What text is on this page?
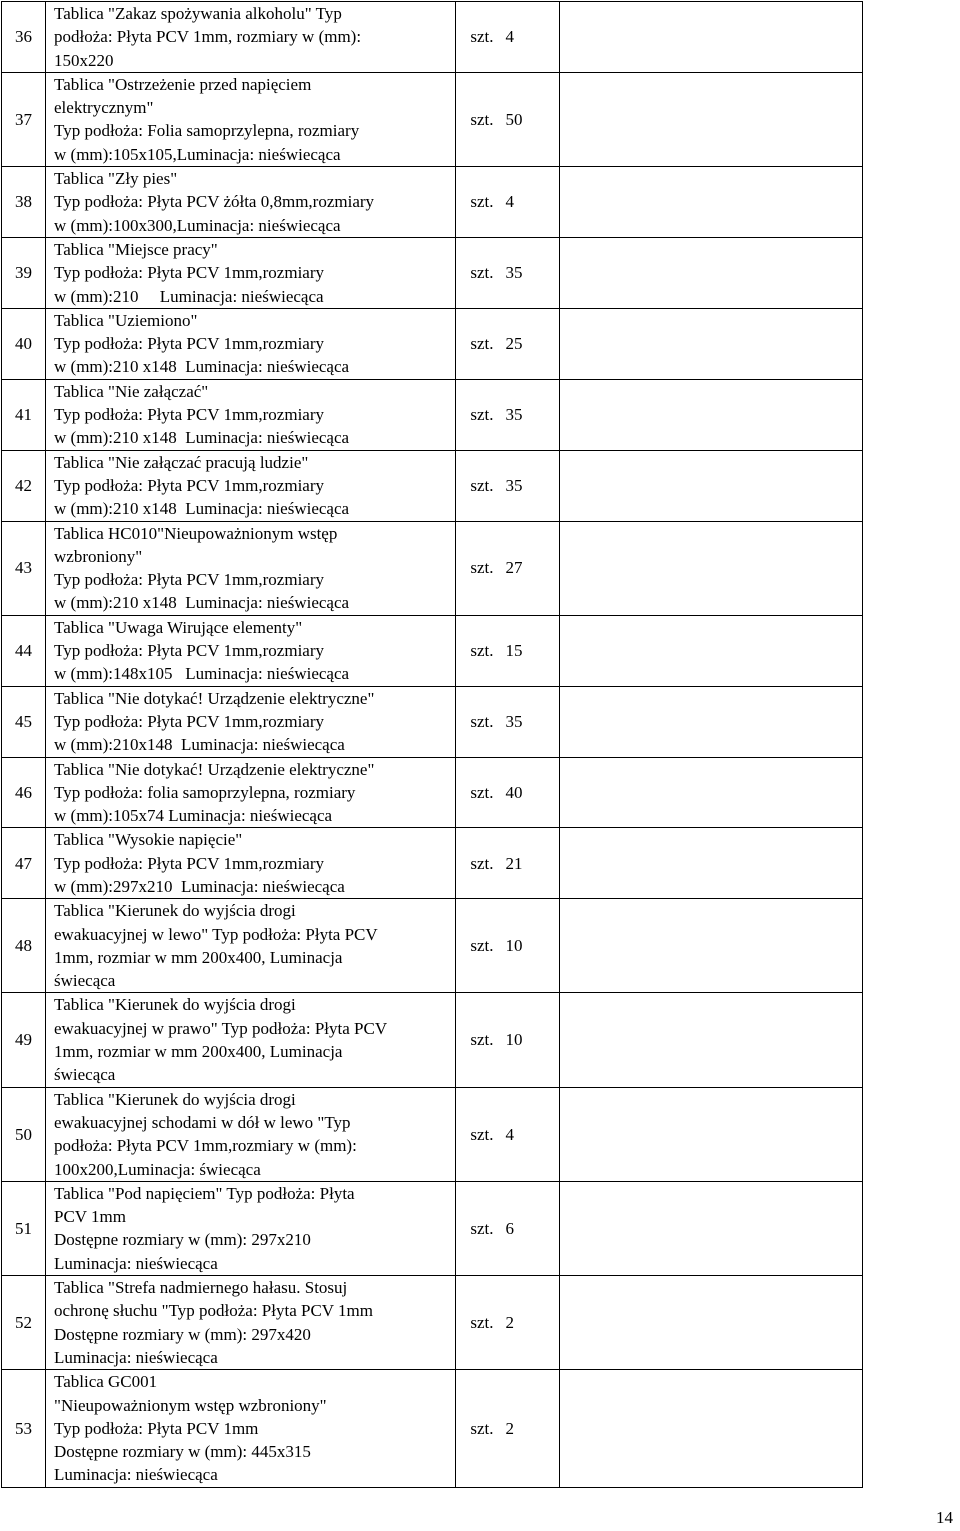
36	Tablica "Zakaz spożywania alkoholu" Typ
podłoża: Płyta PCV 1mm, rozmiary w (mm):
150x220	szt.	4	
37	Tablica "Ostrzeżenie przed napięciem
elektrycznym"
Typ podłoża: Folia samoprzylepna, rozmiary
w (mm):105x105,Luminacja: nieświecąca	szt.	50	
38	Tablica "Zły pies"
Typ podłoża: Płyta PCV żółta 0,8mm,rozmiary
w (mm):100x300,Luminacja: nieświecąca	szt.	4	
39	Tablica "Miejsce pracy"
Typ podłoża: Płyta PCV 1mm,rozmiary
w (mm):210     Luminacja: nieświecąca	szt.	35	
40	Tablica "Uziemiono"
Typ podłoża: Płyta PCV 1mm,rozmiary
w (mm):210 x148  Luminacja: nieświecąca	szt.	25	
41	Tablica "Nie załączać"
Typ podłoża: Płyta PCV 1mm,rozmiary
w (mm):210 x148  Luminacja: nieświecąca	szt.	35	
42	Tablica "Nie załączać pracują ludzie"
Typ podłoża: Płyta PCV 1mm,rozmiary
w (mm):210 x148  Luminacja: nieświecąca	szt.	35	
43	Tablica HC010"Nieupoważnionym wstęp
wzbroniony"
Typ podłoża: Płyta PCV 1mm,rozmiary
w (mm):210 x148  Luminacja: nieświecąca	szt.	27	
44	Tablica "Uwaga Wirujące elementy"
Typ podłoża: Płyta PCV 1mm,rozmiary
w (mm):148x105   Luminacja: nieświecąca	szt.	15	
45	Tablica "Nie dotykać! Urządzenie elektryczne"
Typ podłoża: Płyta PCV 1mm,rozmiary
w (mm):210x148  Luminacja: nieświecąca	szt.	35	
46	Tablica "Nie dotykać! Urządzenie elektryczne"
Typ podłoża: folia samoprzylepna, rozmiary
w (mm):105x74 Luminacja: nieświecąca	szt.	40	
47	Tablica "Wysokie napięcie"
Typ podłoża: Płyta PCV 1mm,rozmiary
w (mm):297x210  Luminacja: nieświecąca	szt.	21	
48	Tablica "Kierunek do wyjścia drogi
ewakuacyjnej w lewo" Typ podłoża: Płyta PCV
1mm, rozmiar w mm 200x400, Luminacja
świecąca	szt.	10	
49	Tablica "Kierunek do wyjścia drogi
ewakuacyjnej w prawo" Typ podłoża: Płyta PCV
1mm, rozmiar w mm 200x400, Luminacja
świecąca	szt.	10	
50	Tablica "Kierunek do wyjścia drogi
ewakuacyjnej schodami w dół w lewo "Typ
podłoża: Płyta PCV 1mm,rozmiary w (mm):
100x200,Luminacja: świecąca	szt.	4	
51	Tablica "Pod napięciem" Typ podłoża: Płyta
PCV 1mm
Dostępne rozmiary w (mm): 297x210
Luminacja: nieświecąca	szt.	6	
52	Tablica "Strefa nadmiernego hałasu. Stosuj
ochronę słuchu "Typ podłoża: Płyta PCV 1mm
Dostępne rozmiary w (mm): 297x420
Luminacja: nieświecąca	szt.	2	
53	Tablica GC001
"Nieupoważnionym wstęp wzbroniony"
Typ podłoża: Płyta PCV 1mm
Dostępne rozmiary w (mm): 445x315
Luminacja: nieświecąca	szt.	2	
14
